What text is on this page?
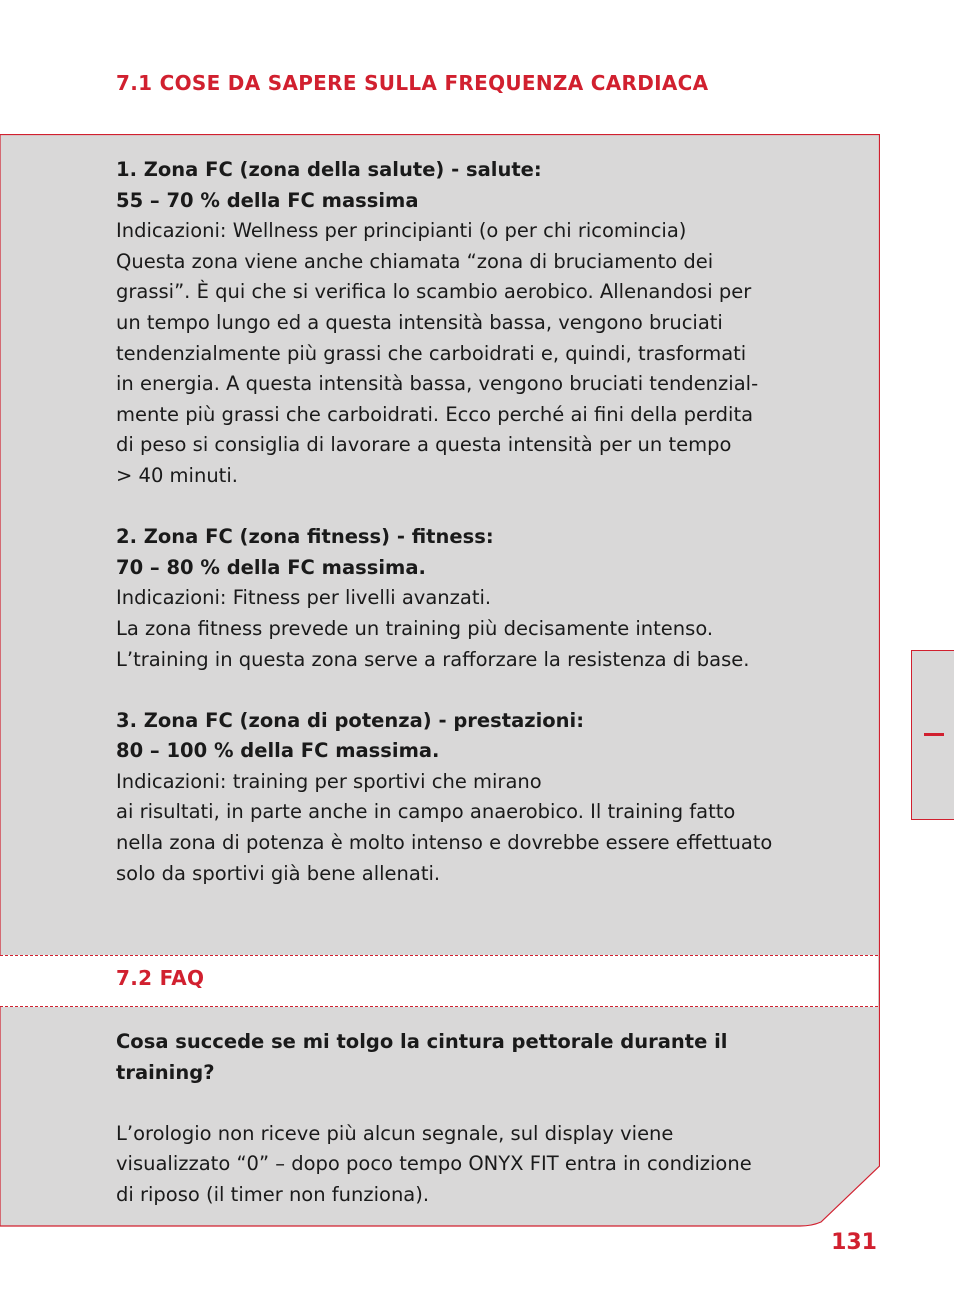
7.1 COSE DA SAPERE SULLA FREQUENZA CARDIACA

1. Zona FC (zona della salute) - salute:

55 – 70 % della FC massima

Indicazioni: Wellness per principianti (o per chi ricomincia)

Questa zona viene anche chiamata “zona di bruciamento dei

grassi”. È qui che si verifica lo scambio aerobico. Allenandosi per

un tempo lungo ed a questa intensità bassa, vengono bruciati

tendenzialmente più grassi che carboidrati e, quindi, trasformati

in energia. A questa intensità bassa, vengono bruciati tendenzial-

mente più grassi che carboidrati. Ecco perché ai fini della perdita

di peso si consiglia di lavorare a questa intensità per un tempo

> 40 minuti.

2. Zona FC (zona fitness) - fitness:

70 – 80 % della FC massima.

Indicazioni: Fitness per livelli avanzati.

La zona fitness prevede un training più decisamente intenso.

L’training in questa zona serve a rafforzare la resistenza di base.

3. Zona FC (zona di potenza) - prestazioni:

80 – 100 % della FC massima.

Indicazioni: training per sportivi che mirano

ai risultati, in parte anche in campo anaerobico. Il training fatto

nella zona di potenza è molto intenso e dovrebbe essere effettuato

solo da sportivi già bene allenati.

7.2 FAQ

Cosa succede se mi tolgo la cintura pettorale durante il

training?

L’orologio non riceve più alcun segnale, sul display viene

visualizzato “0” – dopo poco tempo ONYX FIT entra in condizione

di riposo (il timer non funziona).

131
